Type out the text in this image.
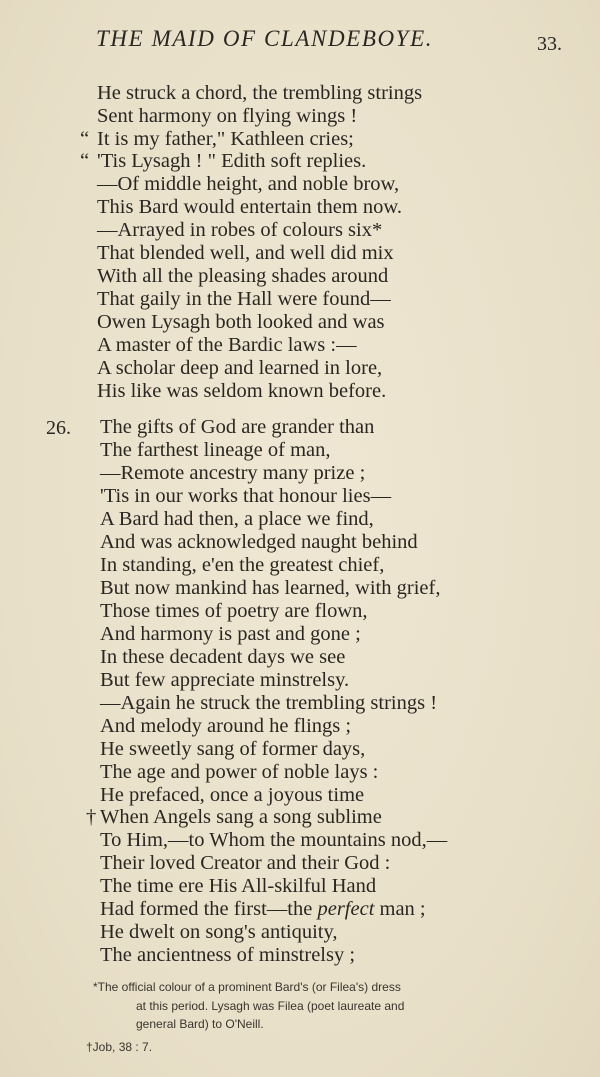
THE MAID OF CLANDEBOYE.	33.
“
“
He struck a chord, the trembling strings
Sent harmony on flying wings !
It is my father," Kathleen cries;
'Tis Lysagh ! " Edith soft replies.
—Of middle height, and noble brow,
This Bard would entertain them now.
—Arrayed in robes of colours six*
That blended well, and well did mix
With all the pleasing shades around
That gaily in the Hall were found—
Owen Lysagh both looked and was
A master of the Bardic laws :—
A scholar deep and learned in lore,
His like was seldom known before.
26. The gifts of God are grander than
The farthest lineage of man,
—Remote ancestry many prize ;
'Tis in our works that honour lies—
A Bard had then, a place we find,
And was acknowledged naught behind
In standing, e'en the greatest chief,
But now mankind has learned, with grief,
Those times of poetry are flown,
And harmony is past and gone ;
In these decadent days we see
But few appreciate minstrelsy.
—Again he struck the trembling strings !
And melody around he flings ;
He sweetly sang of former days,
The age and power of noble lays :
He prefaced, once a joyous time
† When Angels sang a song sublime
To Him,—to Whom the mountains nod,—
Their loved Creator and their God :
The time ere His All-skilful Hand
Had formed the first—the perfect man ;
He dwelt on song's antiquity,
The ancientness of minstrelsy ;
*The official colour of a prominent Bard's (or Filea's) dress
at this period. Lysagh was Filea (poet laureate and
general Bard) to O'Neill.
†Job, 38 : 7.
